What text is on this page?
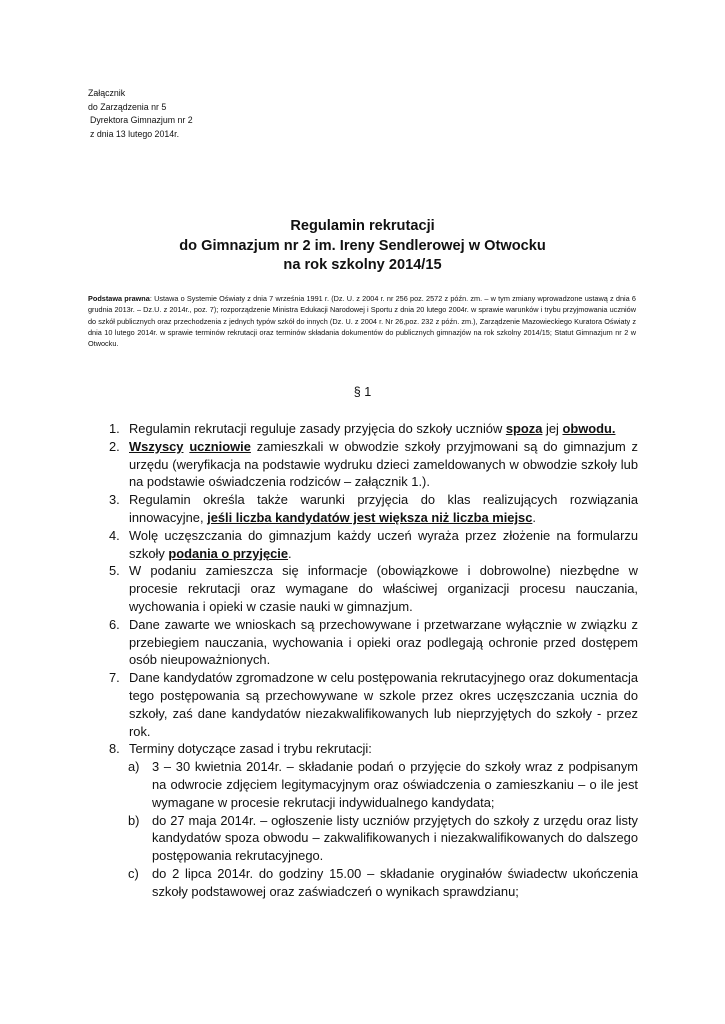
Załącznik
do Zarządzenia nr 5
Dyrektora Gimnazjum nr 2
z dnia 13 lutego 2014r.
Regulamin rekrutacji
do Gimnazjum nr 2 im. Ireny Sendlerowej w Otwocku
na rok szkolny 2014/15
Podstawa prawna: Ustawa o Systemie Oświaty z dnia 7 września 1991 r. (Dz. U. z 2004 r. nr 256 poz. 2572 z późn. zm. – w tym zmiany wprowadzone ustawą z dnia 6 grudnia 2013r. – Dz.U. z 2014r., poz. 7); rozporządzenie Ministra Edukacji Narodowej i Sportu z dnia 20 lutego 2004r. w sprawie warunków i trybu przyjmowania uczniów do szkół publicznych oraz przechodzenia z jednych typów szkół do innych (Dz. U. z 2004 r. Nr 26,poz. 232 z późn. zm.), Zarządzenie Mazowieckiego Kuratora Oświaty z dnia 10 lutego 2014r. w sprawie terminów rekrutacji oraz terminów składania dokumentów do publicznych gimnazjów na rok szkolny 2014/15; Statut Gimnazjum nr 2 w Otwocku.
§ 1

1. Regulamin rekrutacji reguluje zasady przyjęcia do szkoły uczniów spoza jej obwodu.

2. Wszyscy uczniowie zamieszkali w obwodzie szkoły przyjmowani są do gimnazjum z urzędu (weryfikacja na podstawie wydruku dzieci zameldowanych w obwodzie szkoły lub na podstawie oświadczenia rodziców – załącznik 1.).

3. Regulamin określa także warunki przyjęcia do klas realizujących rozwiązania innowacyjne, jeśli liczba kandydatów jest większa niż liczba miejsc.

4. Wolę uczęszczania do gimnazjum każdy uczeń wyraża przez złożenie na formularzu szkoły podania o przyjęcie.

5. W podaniu zamieszcza się informacje (obowiązkowe i dobrowolne) niezbędne w procesie rekrutacji oraz wymagane do właściwej organizacji procesu nauczania, wychowania i opieki w czasie nauki w gimnazjum.

6. Dane zawarte we wnioskach są przechowywane i przetwarzane wyłącznie w związku z przebiegiem nauczania, wychowania i opieki oraz podlegają ochronie przed dostępem osób nieupoważnionych.

7. Dane kandydatów zgromadzone w celu postępowania rekrutacyjnego oraz dokumentacja tego postępowania są przechowywane w szkole przez okres uczęszczania ucznia do szkoły, zaś dane kandydatów niezakwalifikowanych lub nieprzyjętych do szkoły - przez rok.

8. Terminy dotyczące zasad i trybu rekrutacji:

a) 3 – 30 kwietnia 2014r. – składanie podań o przyjęcie do szkoły wraz z podpisanym na odwrocie zdjęciem legitymacyjnym oraz oświadczenia o zamieszkaniu – o ile jest wymagane w procesie rekrutacji indywidualnego kandydata;
b) do 27 maja 2014r. – ogłoszenie listy uczniów przyjętych do szkoły z urzędu oraz listy kandydatów spoza obwodu – zakwalifikowanych i niezakwalifikowanych do dalszego postępowania rekrutacyjnego.
c) do 2 lipca 2014r. do godziny 15.00 – składanie oryginałów świadectw ukończenia szkoły podstawowej oraz zaświadczeń o wynikach sprawdzianu;
